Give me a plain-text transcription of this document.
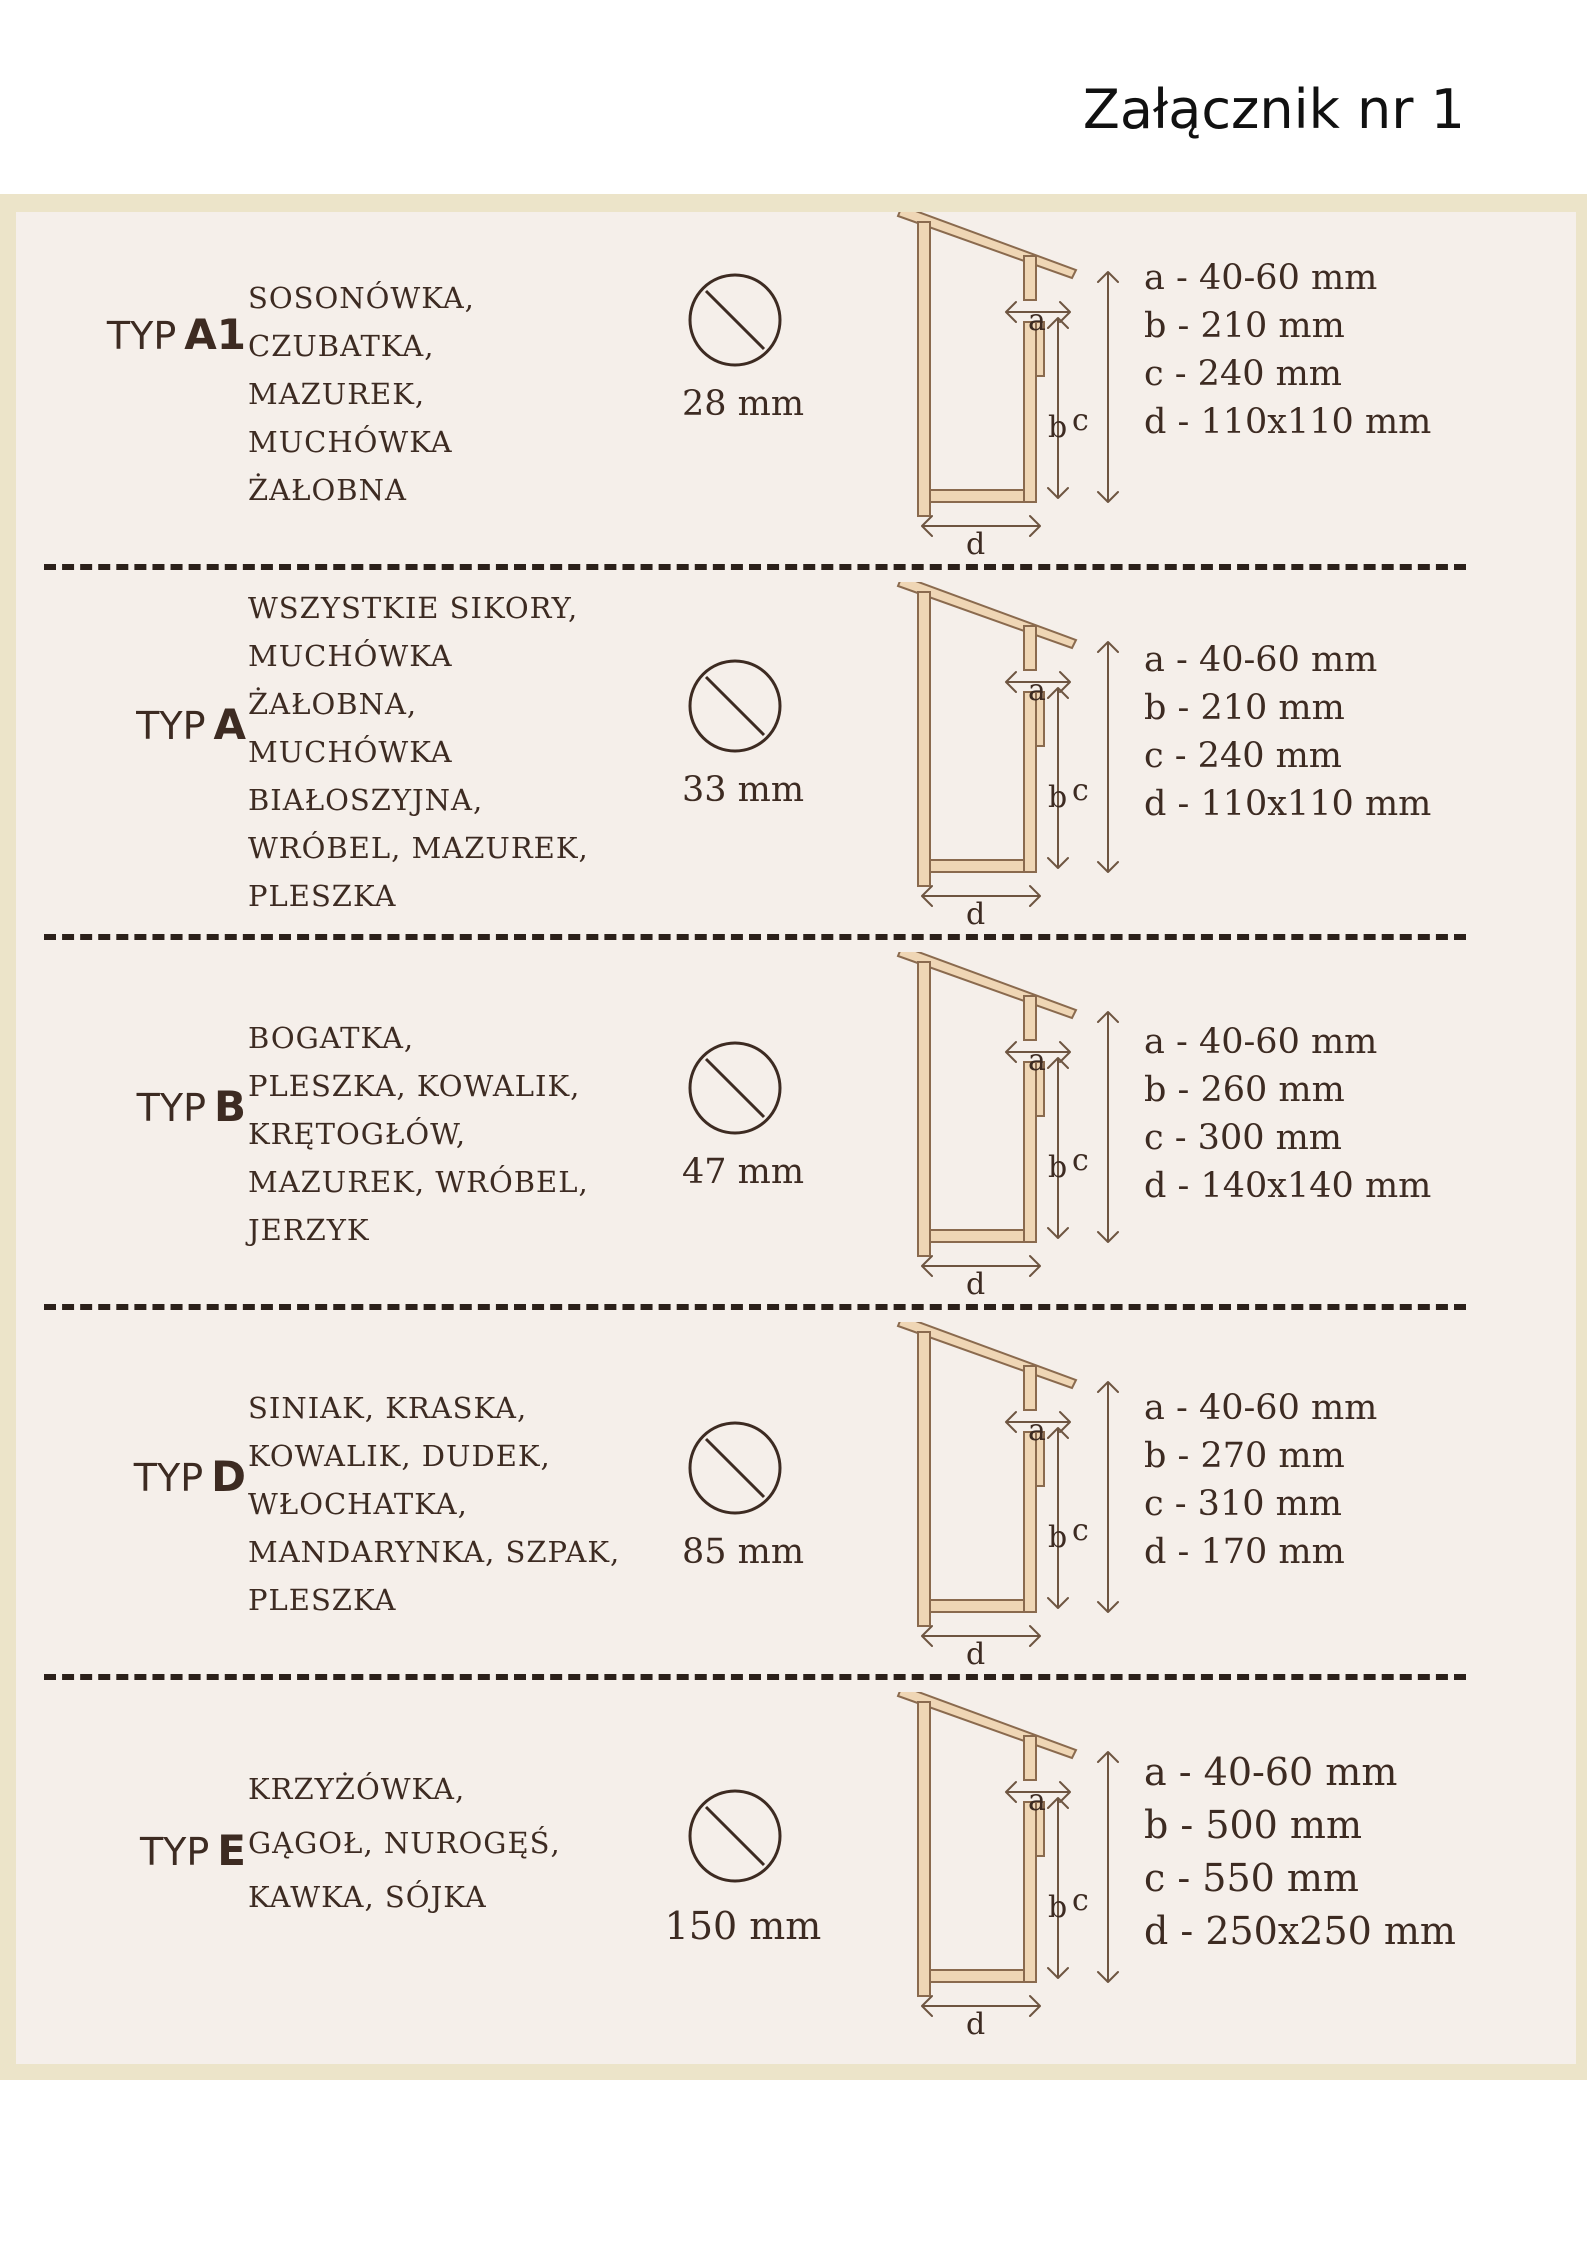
Załącznik nr 1
TYP A1
SOSONÓWKA,
CZUBATKA,
MAZUREK,
MUCHÓWKA
ŻAŁOBNA
28 mm
a
c
b
d
a - 40-60 mm
b - 210 mm
c - 240 mm
d - 110x110 mm
TYP A
WSZYSTKIE SIKORY,
MUCHÓWKA
ŻAŁOBNA,
MUCHÓWKA
BIAŁOSZYJNA,
WRÓBEL, MAZUREK,
PLESZKA
33 mm
a
c
b
d
a - 40-60 mm
b - 210 mm
c - 240 mm
d - 110x110 mm
TYP B
BOGATKA,
PLESZKA, KOWALIK,
KRĘTOGŁÓW,
MAZUREK, WRÓBEL,
JERZYK
47 mm
a
c
b
d
a - 40-60 mm
b - 260 mm
c - 300 mm
d - 140x140 mm
TYP D
SINIAK, KRASKA,
KOWALIK, DUDEK,
WŁOCHATKA,
MANDARYNKA, SZPAK,
PLESZKA
85 mm
a
c
b
d
a - 40-60 mm
b - 270 mm
c - 310 mm
d - 170 mm
TYP E
KRZYŻÓWKA,
GĄGOŁ, NUROGĘŚ,
KAWKA, SÓJKA
150 mm
a
c
b
d
a - 40-60 mm
b - 500 mm
c - 550 mm
d - 250x250 mm
